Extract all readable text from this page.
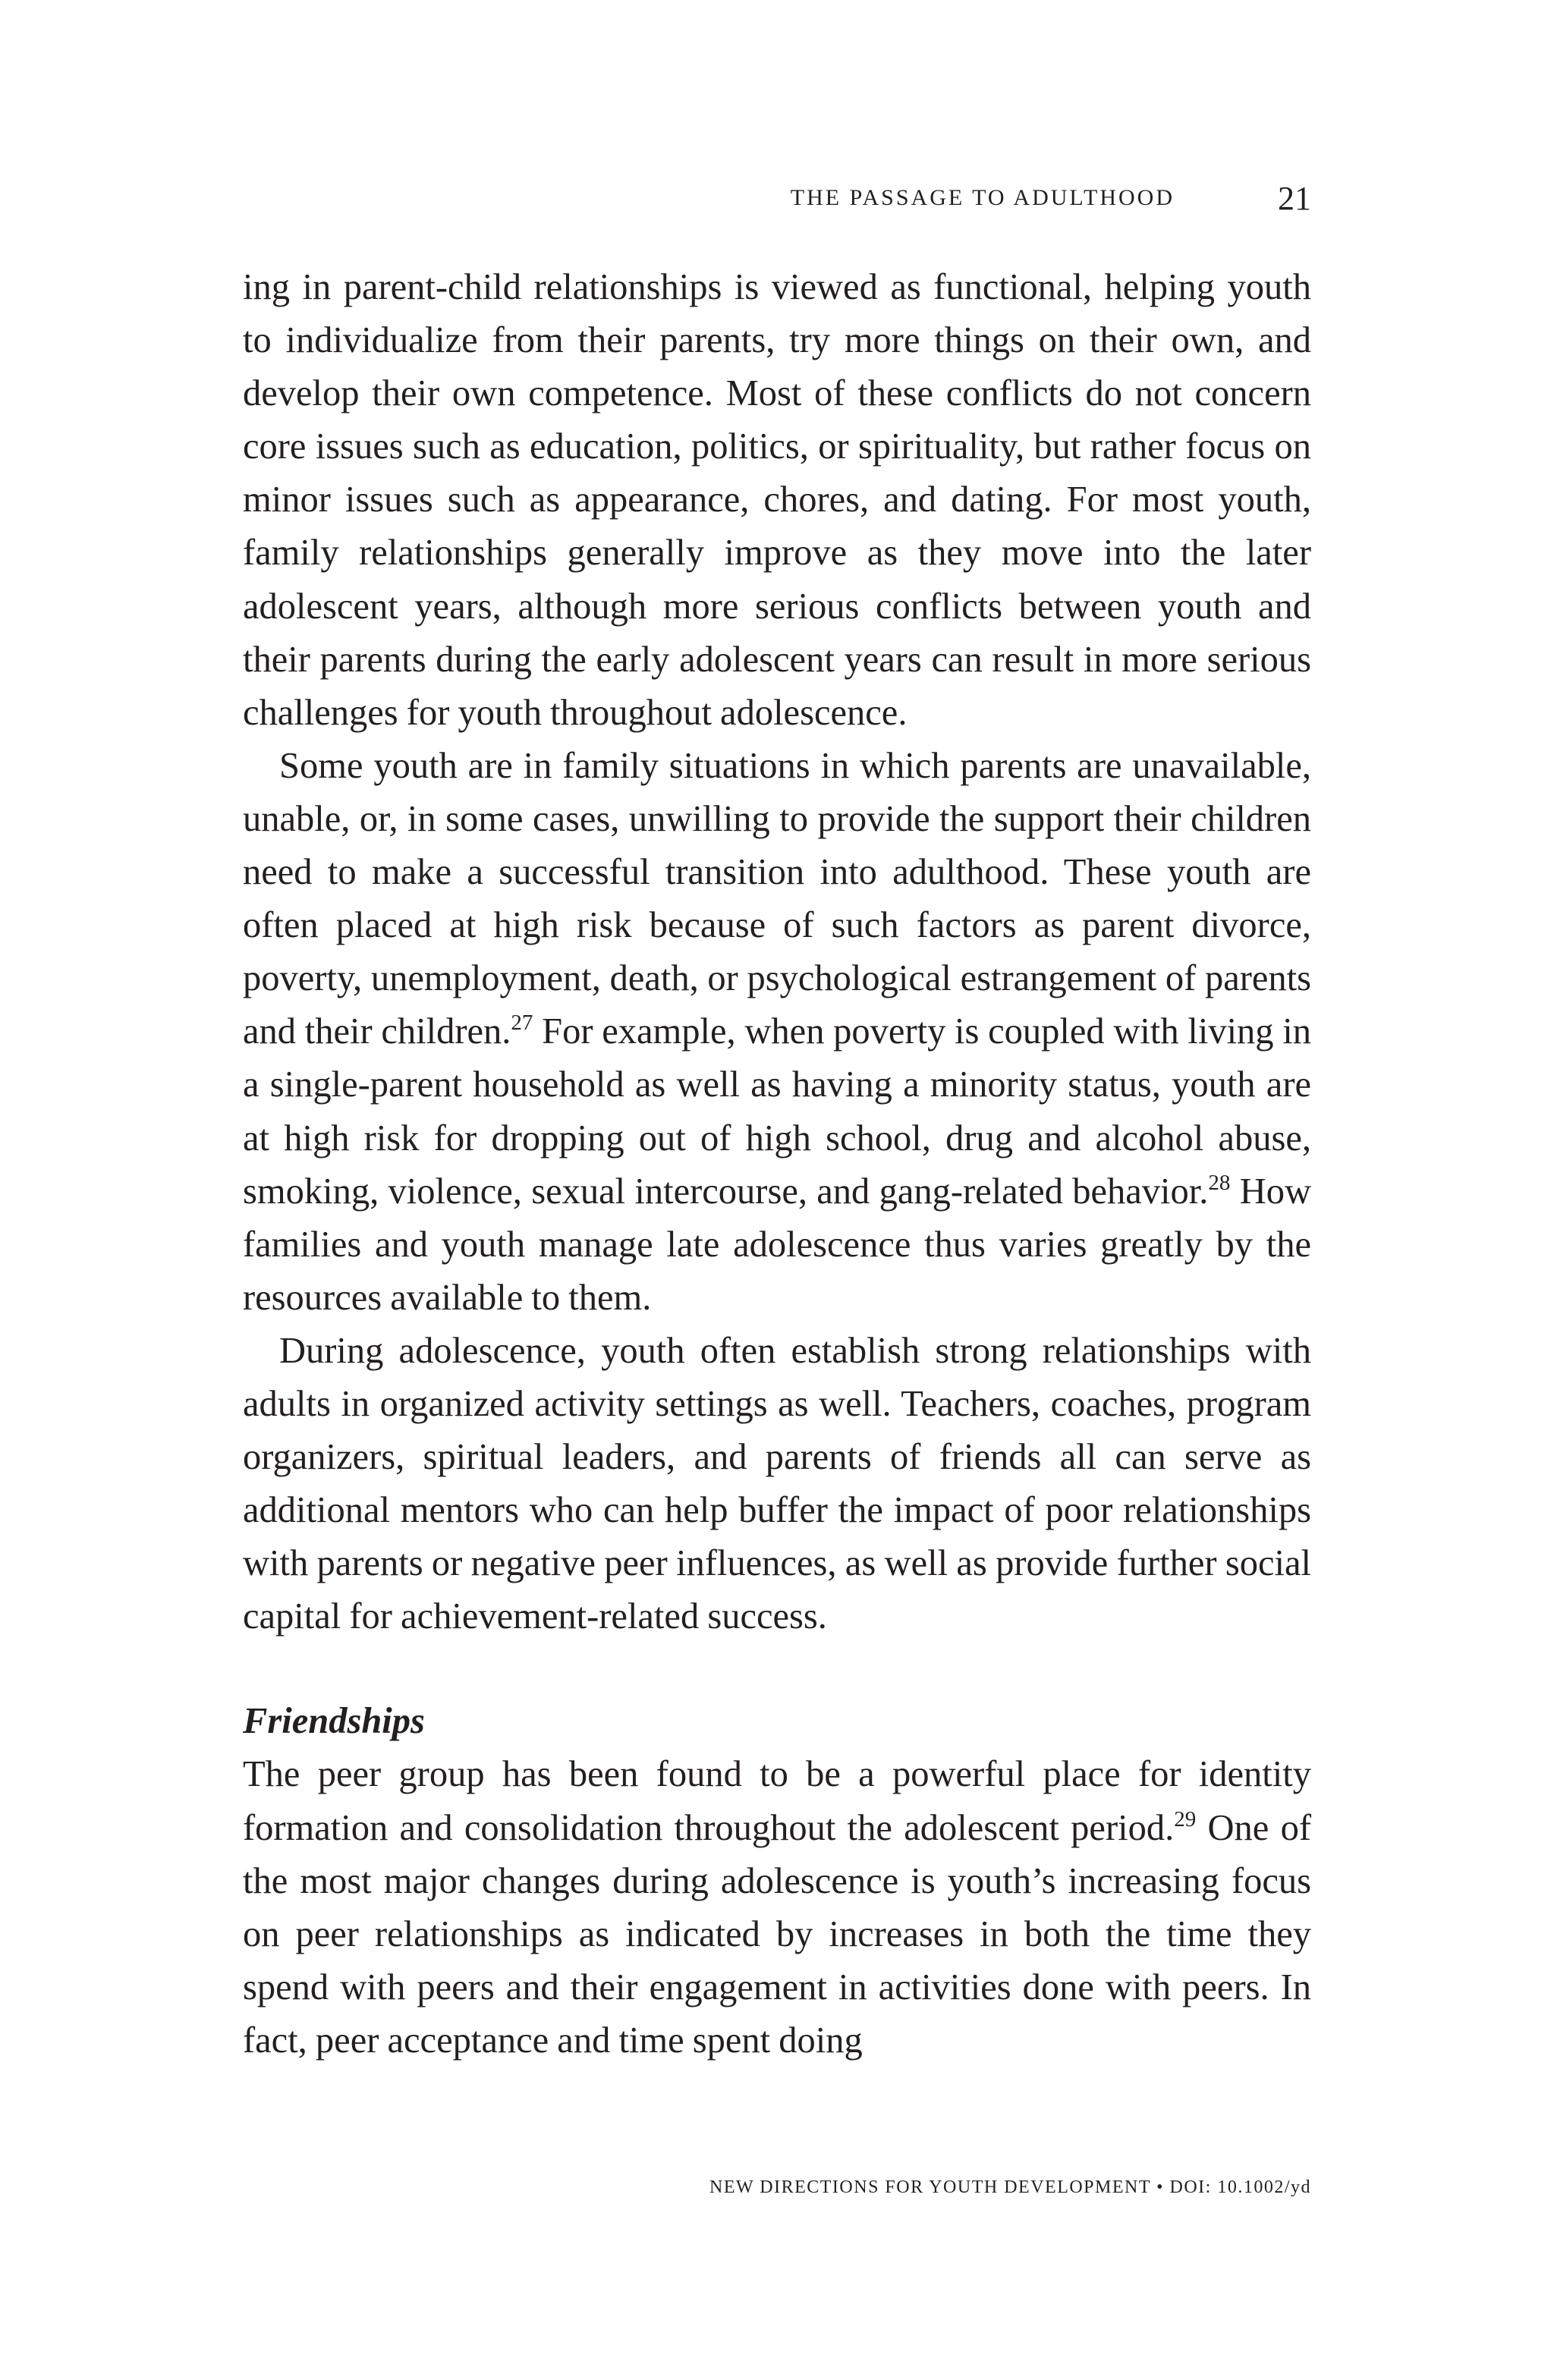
THE PASSAGE TO ADULTHOOD	21

ing in parent-child relationships is viewed as functional, helping youth to individualize from their parents, try more things on their own, and develop their own competence. Most of these conflicts do not concern core issues such as education, politics, or spirituality, but rather focus on minor issues such as appearance, chores, and dating. For most youth, family relationships generally improve as they move into the later adolescent years, although more serious conflicts between youth and their parents during the early adolescent years can result in more serious challenges for youth throughout adolescence.

Some youth are in family situations in which parents are unavailable, unable, or, in some cases, unwilling to provide the support their children need to make a successful transition into adulthood. These youth are often placed at high risk because of such factors as parent divorce, poverty, unemployment, death, or psychological estrangement of parents and their children.$^{27}$ For example, when poverty is coupled with living in a single-parent household as well as having a minority status, youth are at high risk for dropping out of high school, drug and alcohol abuse, smoking, violence, sexual intercourse, and gang-related behavior.$^{28}$ How families and youth manage late adolescence thus varies greatly by the resources available to them.

During adolescence, youth often establish strong relationships with adults in organized activity settings as well. Teachers, coaches, program organizers, spiritual leaders, and parents of friends all can serve as additional mentors who can help buffer the impact of poor relationships with parents or negative peer influences, as well as provide further social capital for achievement-related success.

Friendships

The peer group has been found to be a powerful place for identity formation and consolidation throughout the adolescent period.$^{29}$ One of the most major changes during adolescence is youth’s increasing focus on peer relationships as indicated by increases in both the time they spend with peers and their engagement in activities done with peers. In fact, peer acceptance and time spent doing

NEW DIRECTIONS FOR YOUTH DEVELOPMENT • DOI: 10.1002/yd
